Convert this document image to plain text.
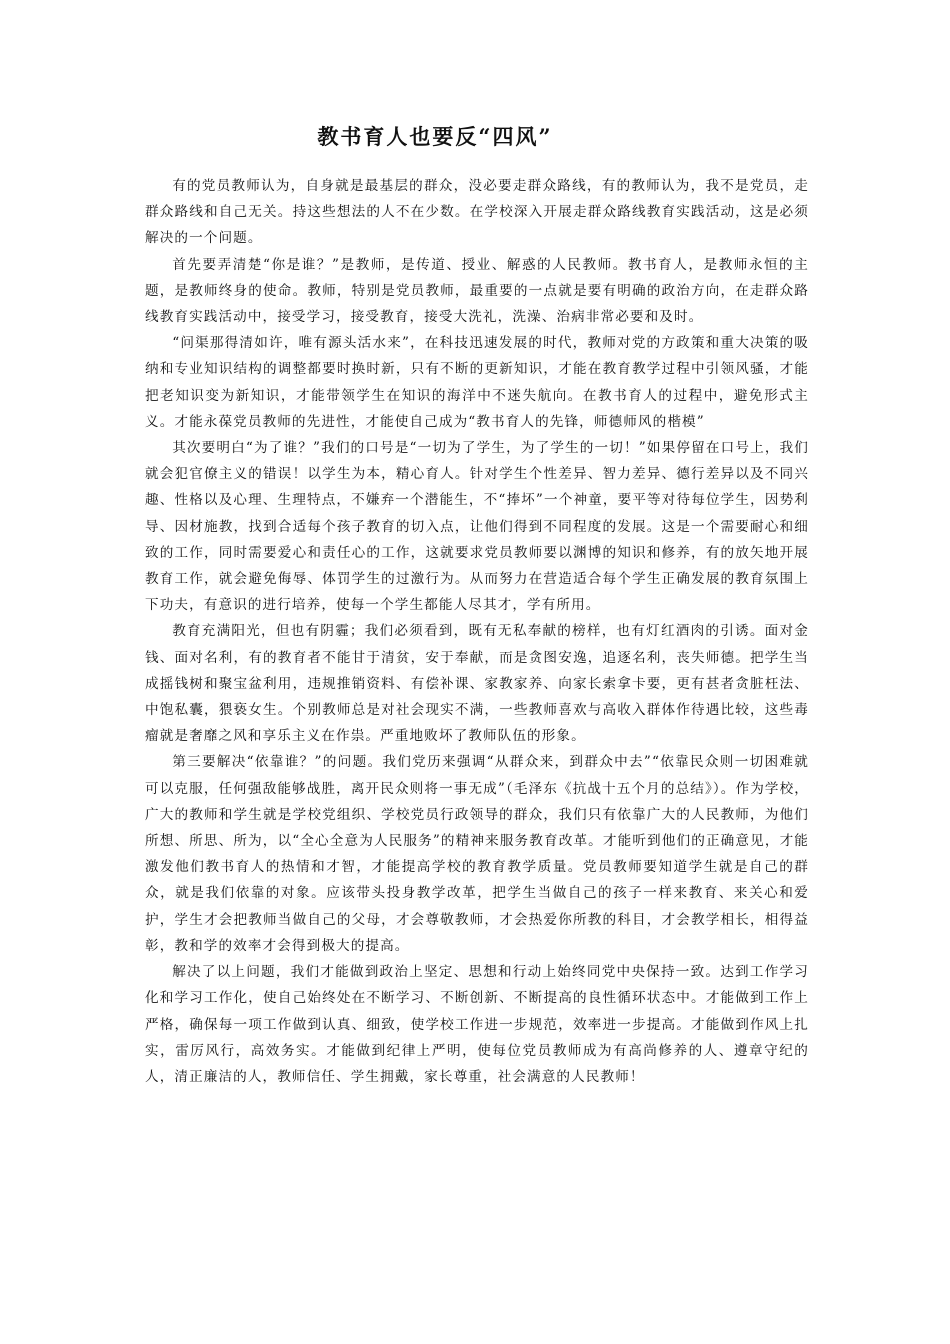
教书育人也要反“四风”

有的党员教师认为，自身就是最基层的群众，没必要走群众路线，有的教师认为，我不是党员，走群众路线和自己无关。持这些想法的人不在少数。在学校深入开展走群众路线教育实践活动，这是必须解决的一个问题。

首先要弄清楚“你是谁？”是教师，是传道、授业、解惑的人民教师。教书育人，是教师永恒的主题，是教师终身的使命。教师，特别是党员教师，最重要的一点就是要有明确的政治方向，在走群众路线教育实践活动中，接受学习，接受教育，接受大洗礼，洗澡、治病非常必要和及时。

“问渠那得清如许，唯有源头活水来”，在科技迅速发展的时代，教师对党的方政策和重大决策的吸纳和专业知识结构的调整都要时换时新，只有不断的更新知识，才能在教育教学过程中引领风骚，才能把老知识变为新知识，才能带领学生在知识的海洋中不迷失航向。在教书育人的过程中，避免形式主义。才能永葆党员教师的先进性，才能使自己成为“教书育人的先锋，师德师风的楷模”

其次要明白“为了谁？”我们的口号是“一切为了学生，为了学生的一切！”如果停留在口号上，我们就会犯官僚主义的错误！以学生为本，精心育人。针对学生个性差异、智力差异、德行差异以及不同兴趣、性格以及心理、生理特点，不嫌弃一个潜能生，不“捧坏”一个神童，要平等对待每位学生，因势利导、因材施教，找到合适每个孩子教育的切入点，让他们得到不同程度的发展。这是一个需要耐心和细致的工作，同时需要爱心和责任心的工作，这就要求党员教师要以渊博的知识和修养，有的放矢地开展教育工作，就会避免侮辱、体罚学生的过激行为。从而努力在营造适合每个学生正确发展的教育氛围上下功夫，有意识的进行培养，使每一个学生都能人尽其才，学有所用。

教育充满阳光，但也有阴霾；我们必须看到，既有无私奉献的榜样，也有灯红酒肉的引诱。面对金钱、面对名利，有的教育者不能甘于清贫，安于奉献，而是贪图安逸，追逐名利，丧失师德。把学生当成摇钱树和聚宝盆利用，违规推销资料、有偿补课、家教家养、向家长索拿卡要，更有甚者贪脏枉法、中饱私囊，猥亵女生。个别教师总是对社会现实不满，一些教师喜欢与高收入群体作待遇比较，这些毒瘤就是奢靡之风和享乐主义在作祟。严重地败坏了教师队伍的形象。

第三要解决“依靠谁？”的问题。我们党历来强调“从群众来，到群众中去”“依靠民众则一切困难就可以克服，任何强敌能够战胜，离开民众则将一事无成”（毛泽东《抗战十五个月的总结》）。作为学校，广大的教师和学生就是学校党组织、学校党员行政领导的群众，我们只有依靠广大的人民教师，为他们所想、所思、所为，以“全心全意为人民服务”的精神来服务教育改革。才能听到他们的正确意见，才能激发他们教书育人的热情和才智，才能提高学校的教育教学质量。党员教师要知道学生就是自己的群众，就是我们依靠的对象。应该带头投身教学改革，把学生当做自己的孩子一样来教育、来关心和爱护，学生才会把教师当做自己的父母，才会尊敬教师，才会热爱你所教的科目，才会教学相长，相得益彰，教和学的效率才会得到极大的提高。

解决了以上问题，我们才能做到政治上坚定、思想和行动上始终同党中央保持一致。达到工作学习化和学习工作化，使自己始终处在不断学习、不断创新、不断提高的良性循环状态中。才能做到工作上严格，确保每一项工作做到认真、细致，使学校工作进一步规范，效率进一步提高。才能做到作风上扎实，雷厉风行，高效务实。才能做到纪律上严明，使每位党员教师成为有高尚修养的人、遵章守纪的人，清正廉洁的人，教师信任、学生拥戴，家长尊重，社会满意的人民教师！
